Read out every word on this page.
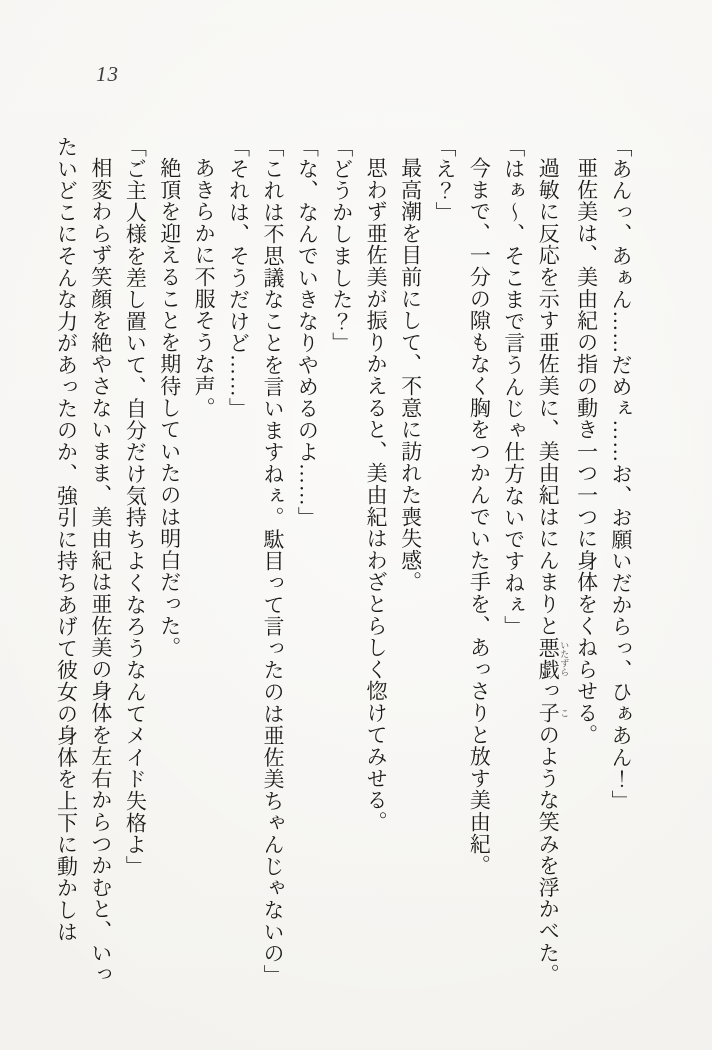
13

「あんっ、あぁん……だめぇ……お、お願いだからっ、ひぁあん！」

亜佐美は、美由紀の指の動き一つ一つに身体をくねらせる。

過敏に反応を示す亜佐美に、美由紀はにんまりと悪戯 いたずらっ子 このような笑みを浮かべた。

「はぁ～、そこまで言うんじゃ仕方ないですねぇ」

今まで、一分の隙もなく胸をつかんでいた手を、あっさりと放す美由紀。

「え？」

最高潮を目前にして、不意に訪れた喪失感。

思わず亜佐美が振りかえると、美由紀はわざとらしく惚けてみせる。

「どうかしました？」

「な、なんでいきなりやめるのよ……」

「これは不思議なことを言いますねぇ。駄目って言ったのは亜佐美ちゃんじゃないの」

「それは、そうだけど……」

あきらかに不服そうな声。

絶頂を迎えることを期待していたのは明白だった。

「ご主人様を差し置いて、自分だけ気持ちよくなろうなんてメイド失格よ」

相変わらず笑顔を絶やさないまま、美由紀は亜佐美の身体を左右からつかむと、いったいどこにそんな力があったのか、強引に持ちあげて彼女の身体を上下に動かしは
